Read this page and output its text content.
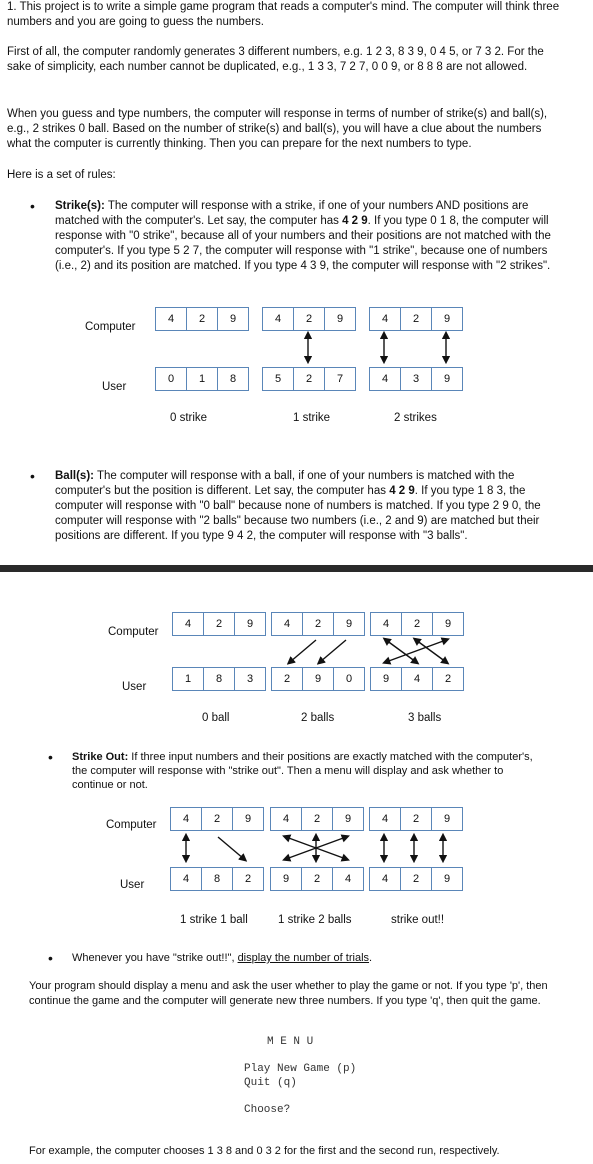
1. This project is to write a simple game program that reads a computer's mind. The computer will think three numbers and you are going to guess the numbers.

First of all, the computer randomly generates 3 different numbers, e.g. 1 2 3, 8 3 9, 0 4 5, or 7 3 2. For the sake of simplicity, each number cannot be duplicated, e.g., 1 3 3, 7 2 7, 0 0 9, or 8 8 8 are not allowed.

When you guess and type numbers, the computer will response in terms of number of strike(s) and ball(s), e.g., 2 strikes 0 ball. Based on the number of strike(s) and ball(s), you will have a clue about the numbers what the computer is currently thinking. Then you can prepare for the next numbers to type.

Here is a set of rules:

• Strike(s): The computer will response with a strike, if one of your numbers AND positions are matched with the computer's. Let say, the computer has 4 2 9. If you type 0 1 8, the computer will response with "0 strike", because all of your numbers and their positions are not matched with the computer's. If you type 5 2 7, the computer will response with "1 strike", because one of numbers (i.e., 2) and its position are matched. If you type 4 3 9, the computer will response with "2 strikes".

Computer
User
4	2	9	4	2	9	4	2	9
0	1	8	5	2	7	4	3	9
0 strike	1 strike	2 strikes
• Ball(s): The computer will response with a ball, if one of your numbers is matched with the computer's but the position is different. Let say, the computer has 4 2 9. If you type 1 8 3, the computer will response with "0 ball" because none of numbers is matched. If you type 2 9 0, the computer will response with "2 balls" because two numbers (i.e., 2 and 9) are matched but their positions are different. If you type 9 4 2, the computer will response with "3 balls".

Computer
User
4	2	9	4	2	9	4	2	9
1	8	3	2	9	0	9	4	2
0 ball	2 balls	3 balls
• Strike Out: If three input numbers and their positions are exactly matched with the computer's, the computer will response with "strike out". Then a menu will display and ask whether to continue or not.

Computer
User
4	2	9	4	2	9	4	2	9
4	8	2	9	2	4	4	2	9
1 strike 1 ball	1 strike 2 balls	strike out!!
• Whenever you have "strike out!!", display the number of trials.

Your program should display a menu and ask the user whether to play the game or not. If you type 'p', then continue the game and the computer will generate new three numbers. If you type 'q', then quit the game.

M E N U
Play New Game (p)
Quit (q)
Choose?

For example, the computer chooses 1 3 8 and 0 3 2 for the first and the second run, respectively.
